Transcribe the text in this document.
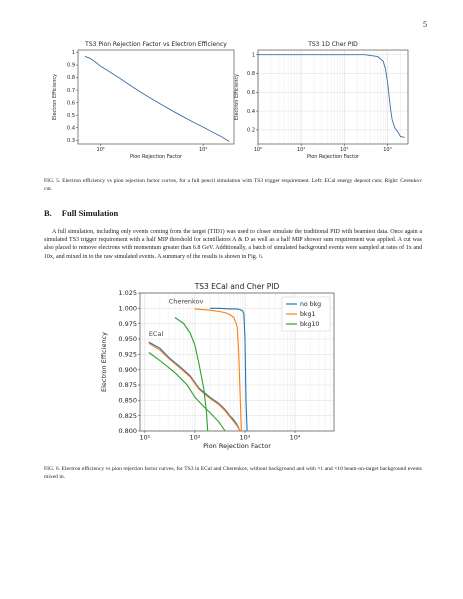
5
0.3
0.4
0.5
0.6
0.7
0.8
0.9
1
10¹	10²
TS3 Pion Rejection Factor vs Electron Efficiency
Pion Rejection Factor
Electron Efficiency
0.2
0.4
0.6
0.8
1
10⁰	10¹	10²	10³
TS3 1D Cher PID
Pion Rejection Factor
Electron Efficiency
FIG. 5. Electron efficiency vs pion rejection factor curves, for a full pencil simulation with TS3 trigger requirement. Left: ECal energy deposit cuts; Right: Cerenkov cut.
B. Full Simulation

A full simulation, including only events coming from the target (TID1) was used to closer simulate the traditional PID with beamtest data. Once again a simulated TS3 trigger requirement with a half MIP threshold for scintillators A & D as well as a half MIP shower sum requirement was applied. A cut was also placed to remove electrons with momentum greater than 6.8 GeV. Additionally, a batch of simulated background events were sampled at rates of 1x and 10x, and mixed in to the raw simulated events. A summary of the results is shown in Fig. 6.

0.800
0.825
0.850
0.875
0.900
0.925
0.950
0.975
1.000
1.025
10¹	10²	10³	10⁴
TS3 ECal and Cher PID
Pion Rejection Factor
Electron Efficiency
Cherenkov
ECal
no bkg
bkg1
bkg10
FIG. 6. Electron efficiency vs pion rejection factor curves, for TS3 in ECal and Cherenkov, without background and with ×1 and ×10 beam-on-target background events mixed in.
